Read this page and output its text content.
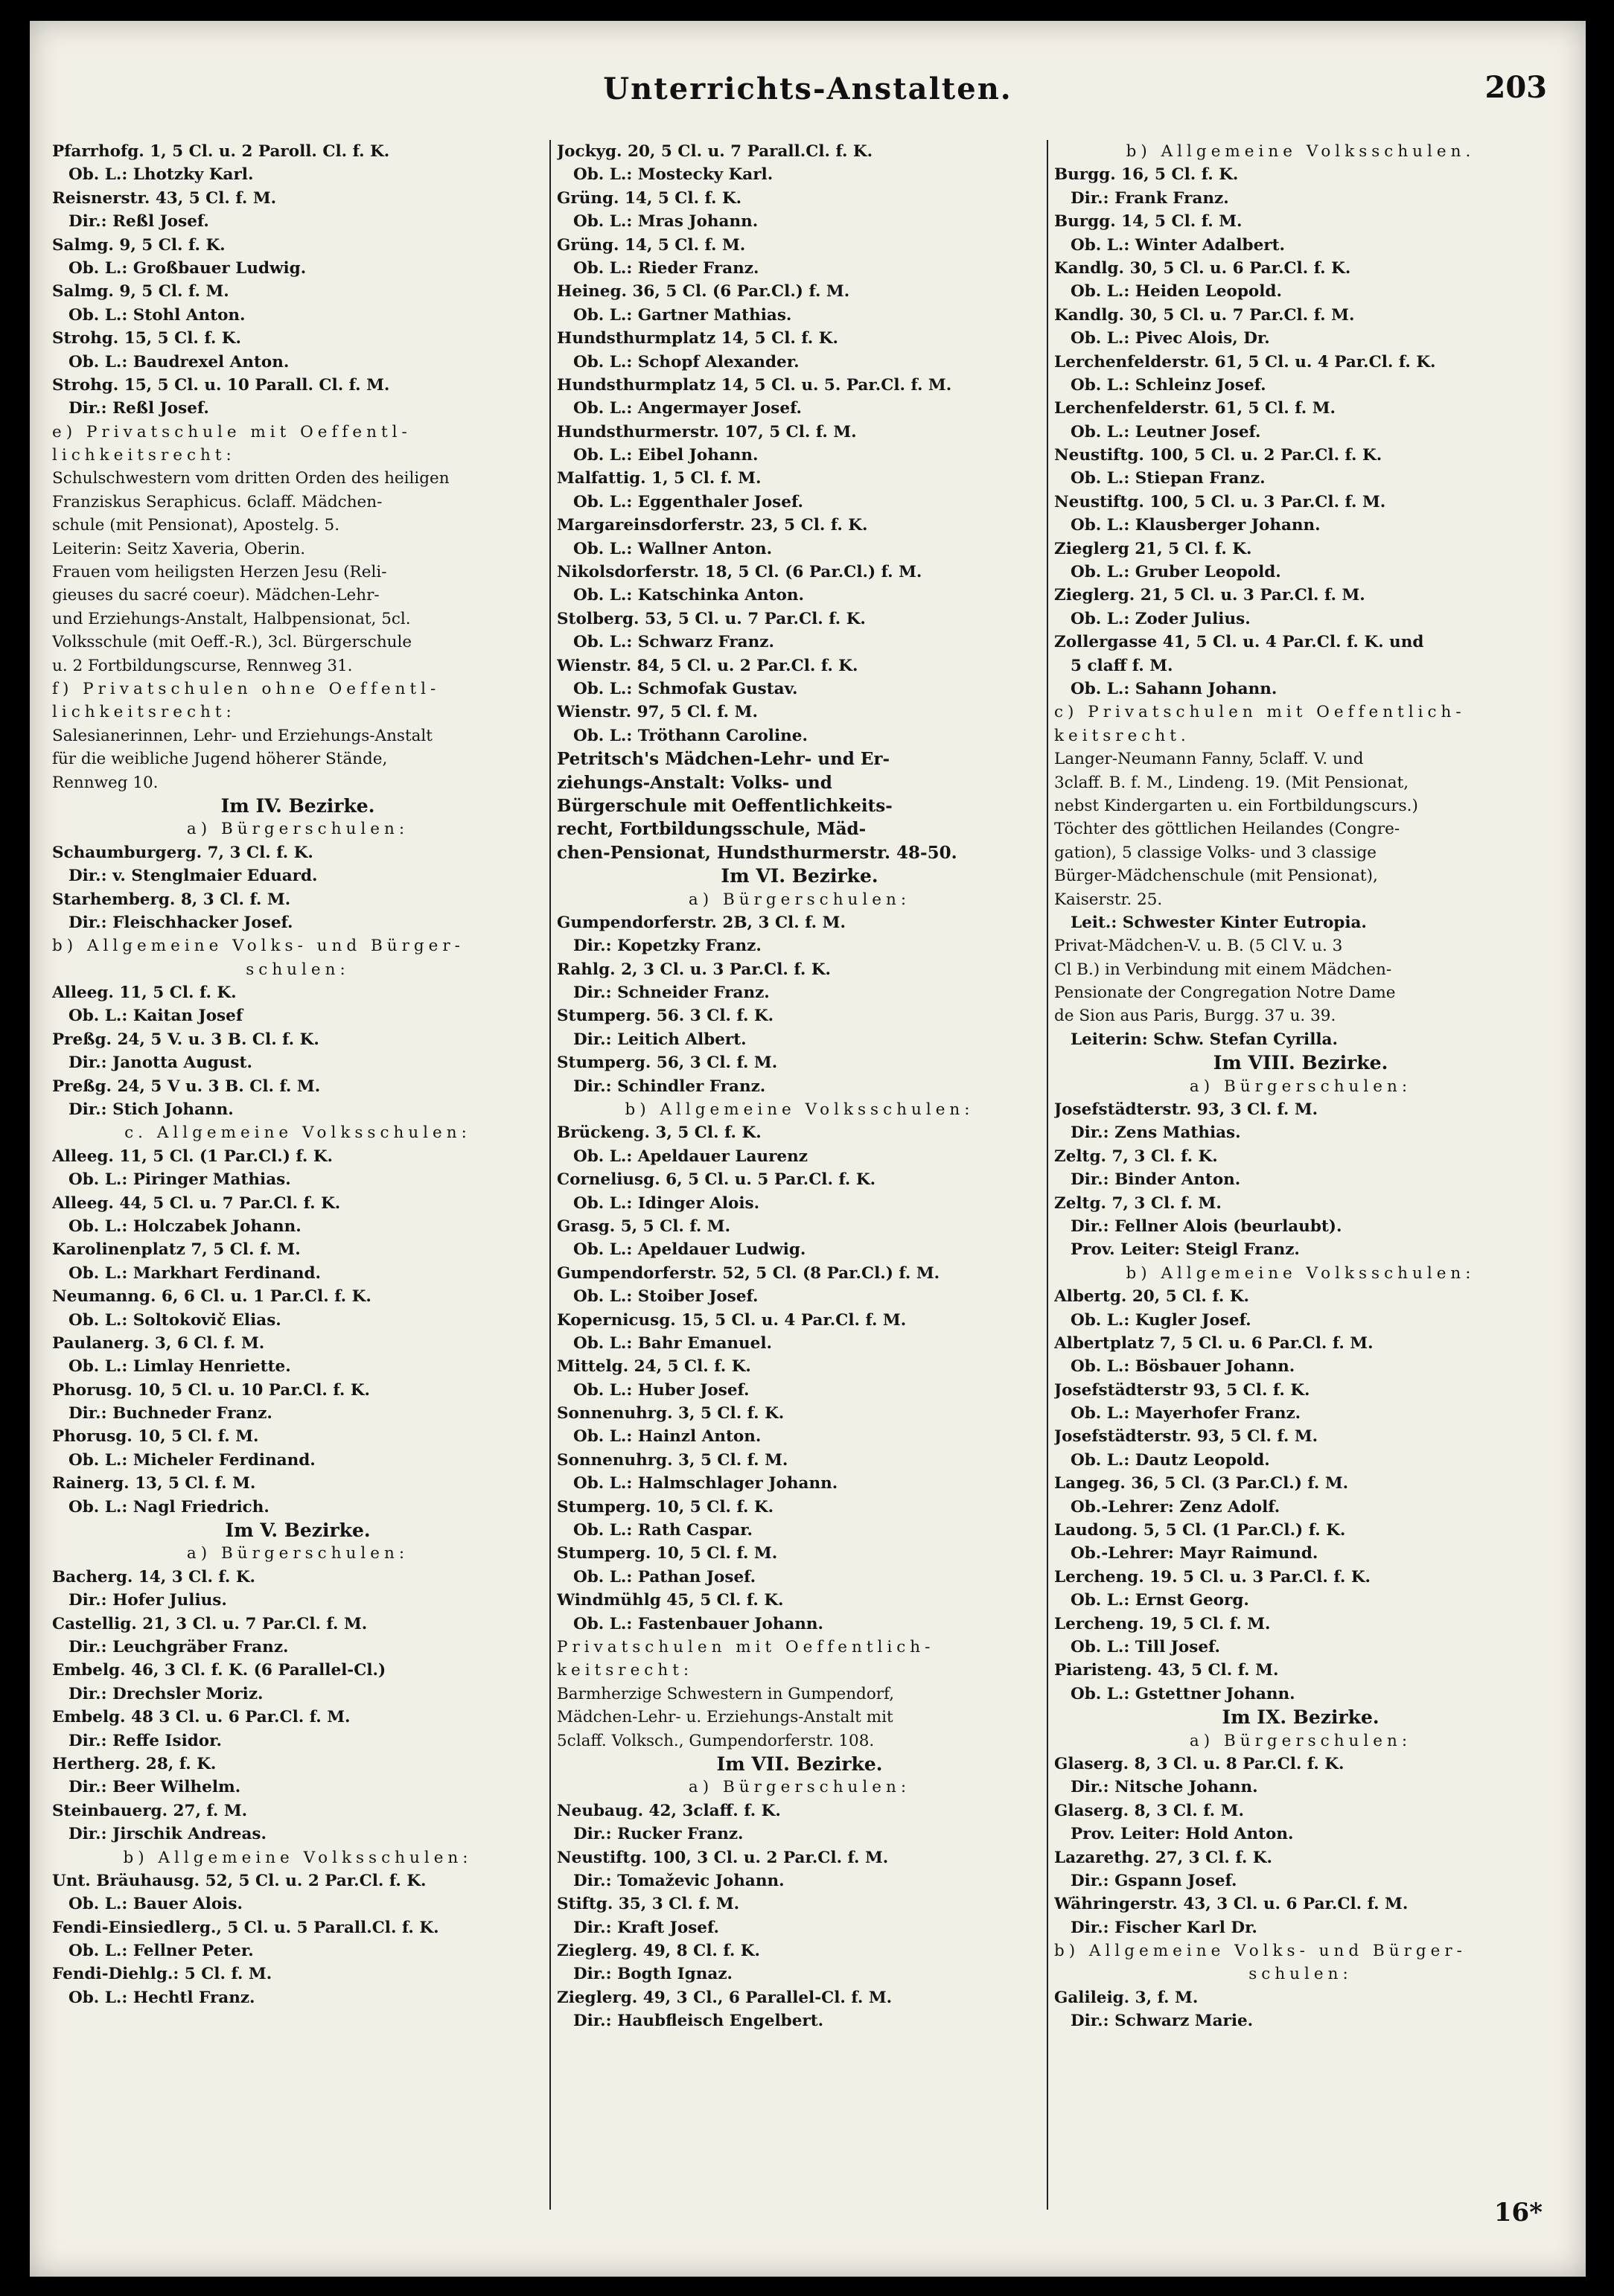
Unterrichts-Anstalten.	203
Pfarrhofg. 1, 5 Cl. u. 2 Paroll. Cl. f. K.
Ob. L.: Lhotzky Karl.
Reisnerstr. 43, 5 Cl. f. M.
Dir.: Reßl Josef.
Salmg. 9, 5 Cl. f. K.
Ob. L.: Großbauer Ludwig.
Salmg. 9, 5 Cl. f. M.
Ob. L.: Stohl Anton.
Strohg. 15, 5 Cl. f. K.
Ob. L.: Baudrexel Anton.
Strohg. 15, 5 Cl. u. 10 Parall. Cl. f. M.
Dir.: Reßl Josef.
e) Privatschule mit Oeffentl-
lichkeitsrecht:
Schulschwestern vom dritten Orden des heiligen
Franziskus Seraphicus. 6claff. Mädchen-
schule (mit Pensionat), Apostelg. 5.
Leiterin: Seitz Xaveria, Oberin.
Frauen vom heiligsten Herzen Jesu (Reli-
gieuses du sacré coeur). Mädchen-Lehr-
und Erziehungs-Anstalt, Halbpensionat, 5cl.
Volksschule (mit Oeff.-R.), 3cl. Bürgerschule
u. 2 Fortbildungscurse, Rennweg 31.
f) Privatschulen ohne Oeffentl-
lichkeitsrecht:
Salesianerinnen, Lehr- und Erziehungs-Anstalt
für die weibliche Jugend höherer Stände,
Rennweg 10.
Im IV. Bezirke.
a) Bürgerschulen:
Schaumburgerg. 7, 3 Cl. f. K.
Dir.: v. Stenglmaier Eduard.
Starhemberg. 8, 3 Cl. f. M.
Dir.: Fleischhacker Josef.
b) Allgemeine Volks- und Bürger-
schulen:
Alleeg. 11, 5 Cl. f. K.
Ob. L.: Kaitan Josef
Preßg. 24, 5 V. u. 3 B. Cl. f. K.
Dir.: Janotta August.
Preßg. 24, 5 V u. 3 B. Cl. f. M.
Dir.: Stich Johann.
c. Allgemeine Volksschulen:
Alleeg. 11, 5 Cl. (1 Par.Cl.) f. K.
Ob. L.: Piringer Mathias.
Alleeg. 44, 5 Cl. u. 7 Par.Cl. f. K.
Ob. L.: Holczabek Johann.
Karolinenplatz 7, 5 Cl. f. M.
Ob. L.: Markhart Ferdinand.
Neumanng. 6, 6 Cl. u. 1 Par.Cl. f. K.
Ob. L.: Soltokovič Elias.
Paulanerg. 3, 6 Cl. f. M.
Ob. L.: Limlay Henriette.
Phorusg. 10, 5 Cl. u. 10 Par.Cl. f. K.
Dir.: Buchneder Franz.
Phorusg. 10, 5 Cl. f. M.
Ob. L.: Micheler Ferdinand.
Rainerg. 13, 5 Cl. f. M.
Ob. L.: Nagl Friedrich.
Im V. Bezirke.
a) Bürgerschulen:
Bacherg. 14, 3 Cl. f. K.
Dir.: Hofer Julius.
Castellig. 21, 3 Cl. u. 7 Par.Cl. f. M.
Dir.: Leuchgräber Franz.
Embelg. 46, 3 Cl. f. K. (6 Parallel-Cl.)
Dir.: Drechsler Moriz.
Embelg. 48 3 Cl. u. 6 Par.Cl. f. M.
Dir.: Reffe Isidor.
Hertherg. 28, f. K.
Dir.: Beer Wilhelm.
Steinbauerg. 27, f. M.
Dir.: Jirschik Andreas.
b) Allgemeine Volksschulen:
Unt. Bräuhausg. 52, 5 Cl. u. 2 Par.Cl. f. K.
Ob. L.: Bauer Alois.
Fendi-Einsiedlerg., 5 Cl. u. 5 Parall.Cl. f. K.
Ob. L.: Fellner Peter.
Fendi-Diehlg.: 5 Cl. f. M.
Ob. L.: Hechtl Franz.
Jockyg. 20, 5 Cl. u. 7 Parall.Cl. f. K.
Ob. L.: Mostecky Karl.
Grüng. 14, 5 Cl. f. K.
Ob. L.: Mras Johann.
Grüng. 14, 5 Cl. f. M.
Ob. L.: Rieder Franz.
Heineg. 36, 5 Cl. (6 Par.Cl.) f. M.
Ob. L.: Gartner Mathias.
Hundsthurmplatz 14, 5 Cl. f. K.
Ob. L.: Schopf Alexander.
Hundsthurmplatz 14, 5 Cl. u. 5. Par.Cl. f. M.
Ob. L.: Angermayer Josef.
Hundsthurmerstr. 107, 5 Cl. f. M.
Ob. L.: Eibel Johann.
Malfattig. 1, 5 Cl. f. M.
Ob. L.: Eggenthaler Josef.
Margareinsdorferstr. 23, 5 Cl. f. K.
Ob. L.: Wallner Anton.
Nikolsdorferstr. 18, 5 Cl. (6 Par.Cl.) f. M.
Ob. L.: Katschinka Anton.
Stolberg. 53, 5 Cl. u. 7 Par.Cl. f. K.
Ob. L.: Schwarz Franz.
Wienstr. 84, 5 Cl. u. 2 Par.Cl. f. K.
Ob. L.: Schmofak Gustav.
Wienstr. 97, 5 Cl. f. M.
Ob. L.: Tröthann Caroline.
Petritsch's Mädchen-Lehr- und Er-
ziehungs-Anstalt: Volks- und
Bürgerschule mit Oeffentlichkeits-
recht, Fortbildungsschule, Mäd-
chen-Pensionat, Hundsthurmerstr. 48-50.
Im VI. Bezirke.
a) Bürgerschulen:
Gumpendorferstr. 2B, 3 Cl. f. M.
Dir.: Kopetzky Franz.
Rahlg. 2, 3 Cl. u. 3 Par.Cl. f. K.
Dir.: Schneider Franz.
Stumperg. 56. 3 Cl. f. K.
Dir.: Leitich Albert.
Stumperg. 56, 3 Cl. f. M.
Dir.: Schindler Franz.
b) Allgemeine Volksschulen:
Brückeng. 3, 5 Cl. f. K.
Ob. L.: Apeldauer Laurenz
Corneliusg. 6, 5 Cl. u. 5 Par.Cl. f. K.
Ob. L.: Idinger Alois.
Grasg. 5, 5 Cl. f. M.
Ob. L.: Apeldauer Ludwig.
Gumpendorferstr. 52, 5 Cl. (8 Par.Cl.) f. M.
Ob. L.: Stoiber Josef.
Kopernicusg. 15, 5 Cl. u. 4 Par.Cl. f. M.
Ob. L.: Bahr Emanuel.
Mittelg. 24, 5 Cl. f. K.
Ob. L.: Huber Josef.
Sonnenuhrg. 3, 5 Cl. f. K.
Ob. L.: Hainzl Anton.
Sonnenuhrg. 3, 5 Cl. f. M.
Ob. L.: Halmschlager Johann.
Stumperg. 10, 5 Cl. f. K.
Ob. L.: Rath Caspar.
Stumperg. 10, 5 Cl. f. M.
Ob. L.: Pathan Josef.
Windmühlg 45, 5 Cl. f. K.
Ob. L.: Fastenbauer Johann.
Privatschulen mit Oeffentlich-
keitsrecht:
Barmherzige Schwestern in Gumpendorf,
Mädchen-Lehr- u. Erziehungs-Anstalt mit
5claff. Volksch., Gumpendorferstr. 108.
Im VII. Bezirke.
a) Bürgerschulen:
Neubaug. 42, 3claff. f. K.
Dir.: Rucker Franz.
Neustiftg. 100, 3 Cl. u. 2 Par.Cl. f. M.
Dir.: Tomaževic Johann.
Stiftg. 35, 3 Cl. f. M.
Dir.: Kraft Josef.
Zieglerg. 49, 8 Cl. f. K.
Dir.: Bogth Ignaz.
Zieglerg. 49, 3 Cl., 6 Parallel-Cl. f. M.
Dir.: Haubfleisch Engelbert.
b) Allgemeine Volksschulen.
Burgg. 16, 5 Cl. f. K.
Dir.: Frank Franz.
Burgg. 14, 5 Cl. f. M.
Ob. L.: Winter Adalbert.
Kandlg. 30, 5 Cl. u. 6 Par.Cl. f. K.
Ob. L.: Heiden Leopold.
Kandlg. 30, 5 Cl. u. 7 Par.Cl. f. M.
Ob. L.: Pivec Alois, Dr.
Lerchenfelderstr. 61, 5 Cl. u. 4 Par.Cl. f. K.
Ob. L.: Schleinz Josef.
Lerchenfelderstr. 61, 5 Cl. f. M.
Ob. L.: Leutner Josef.
Neustiftg. 100, 5 Cl. u. 2 Par.Cl. f. K.
Ob. L.: Stiepan Franz.
Neustiftg. 100, 5 Cl. u. 3 Par.Cl. f. M.
Ob. L.: Klausberger Johann.
Zieglerg 21, 5 Cl. f. K.
Ob. L.: Gruber Leopold.
Zieglerg. 21, 5 Cl. u. 3 Par.Cl. f. M.
Ob. L.: Zoder Julius.
Zollergasse 41, 5 Cl. u. 4 Par.Cl. f. K. und
5 claff f. M.
Ob. L.: Sahann Johann.
c) Privatschulen mit Oeffentlich-
keitsrecht.
Langer-Neumann Fanny, 5claff. V. und
3claff. B. f. M., Lindeng. 19. (Mit Pensionat,
nebst Kindergarten u. ein Fortbildungscurs.)
Töchter des göttlichen Heilandes (Congre-
gation), 5 classige Volks- und 3 classige
Bürger-Mädchenschule (mit Pensionat),
Kaiserstr. 25.
Leit.: Schwester Kinter Eutropia.
Privat-Mädchen-V. u. B. (5 Cl V. u. 3
Cl B.) in Verbindung mit einem Mädchen-
Pensionate der Congregation Notre Dame
de Sion aus Paris, Burgg. 37 u. 39.
Leiterin: Schw. Stefan Cyrilla.
Im VIII. Bezirke.
a) Bürgerschulen:
Josefstädterstr. 93, 3 Cl. f. M.
Dir.: Zens Mathias.
Zeltg. 7, 3 Cl. f. K.
Dir.: Binder Anton.
Zeltg. 7, 3 Cl. f. M.
Dir.: Fellner Alois (beurlaubt).
Prov. Leiter: Steigl Franz.
b) Allgemeine Volksschulen:
Albertg. 20, 5 Cl. f. K.
Ob. L.: Kugler Josef.
Albertplatz 7, 5 Cl. u. 6 Par.Cl. f. M.
Ob. L.: Bösbauer Johann.
Josefstädterstr 93, 5 Cl. f. K.
Ob. L.: Mayerhofer Franz.
Josefstädterstr. 93, 5 Cl. f. M.
Ob. L.: Dautz Leopold.
Langeg. 36, 5 Cl. (3 Par.Cl.) f. M.
Ob.-Lehrer: Zenz Adolf.
Laudong. 5, 5 Cl. (1 Par.Cl.) f. K.
Ob.-Lehrer: Mayr Raimund.
Lercheng. 19. 5 Cl. u. 3 Par.Cl. f. K.
Ob. L.: Ernst Georg.
Lercheng. 19, 5 Cl. f. M.
Ob. L.: Till Josef.
Piaristeng. 43, 5 Cl. f. M.
Ob. L.: Gstettner Johann.
Im IX. Bezirke.
a) Bürgerschulen:
Glaserg. 8, 3 Cl. u. 8 Par.Cl. f. K.
Dir.: Nitsche Johann.
Glaserg. 8, 3 Cl. f. M.
Prov. Leiter: Hold Anton.
Lazarethg. 27, 3 Cl. f. K.
Dir.: Gspann Josef.
Währingerstr. 43, 3 Cl. u. 6 Par.Cl. f. M.
Dir.: Fischer Karl Dr.
b) Allgemeine Volks- und Bürger-
schulen:
Galileig. 3, f. M.
Dir.: Schwarz Marie.
16*
